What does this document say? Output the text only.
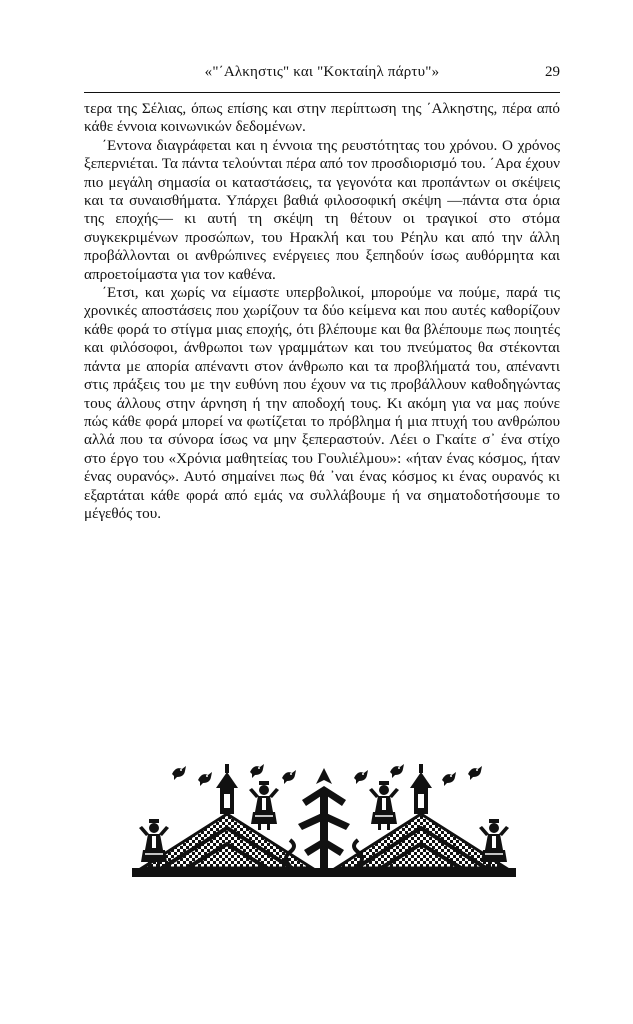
«"΄Αλκηστις" και "Κοκταίηλ πάρτυ"»	29

τερα της Σέλιας, όπως επίσης και στην περίπτωση της ΄Αλκηστης, πέρα από κάθε έννοια κοινωνικών δεδομένων.

΄Εντονα διαγράφεται και η έννοια της ρευστότητας του χρόνου. Ο χρόνος ξεπερνιέται. Τα πάντα τελούνται πέρα από τον προσδιορισμό του. ΄Αρα έχουν πιο μεγάλη σημασία οι καταστάσεις, τα γεγονότα και προπάντων οι σκέψεις και τα συναισθήματα. Υπάρχει βαθιά φιλοσοφική σκέψη —πάντα στα όρια της εποχής— κι αυτή τη σκέψη τη θέτουν οι τραγικοί στο στόμα συγκεκριμένων προσώπων, του Ηρακλή και του Ρέηλυ και από την άλλη προβάλλονται οι ανθρώπινες ενέργειες που ξεπηδούν ίσως αυθόρμητα και απροετοίμαστα για τον καθένα.

΄Ετσι, και χωρίς να είμαστε υπερβολικοί, μπορούμε να πούμε, παρά τις χρονικές αποστάσεις που χωρίζουν τα δύο κείμενα και που αυτές καθορίζουν κάθε φορά το στίγμα μιας εποχής, ότι βλέπουμε και θα βλέπουμε πως ποιητές και φιλόσοφοι, άνθρωποι των γραμμάτων και του πνεύματος θα στέκονται πάντα με απορία απέναντι στον άνθρωπο και τα προβλήματά του, απέναντι στις πράξεις του με την ευθύνη που έχουν να τις προβάλλουν καθοδηγώντας τους άλλους στην άρνηση ή την αποδοχή τους. Κι ακόμη για να μας πούνε πώς κάθε φορά μπορεί να φωτίζεται το πρόβλημα ή μια πτυχή του ανθρώπου αλλά που τα σύνορα ίσως να μην ξεπεραστούν. Λέει ο Γκαίτε σ᾽ ένα στίχο στο έργο του «Χρόνια μαθητείας του Γουλιέλμου»: «ήταν ένας κόσμος, ήταν ένας ουρανός». Αυτό σημαίνει πως θά ᾽ναι ένας κόσμος κι ένας ουρανός κι εξαρτάται κάθε φορά από εμάς να συλλάβουμε ή να σηματοδοτήσουμε το μέγεθός του.
